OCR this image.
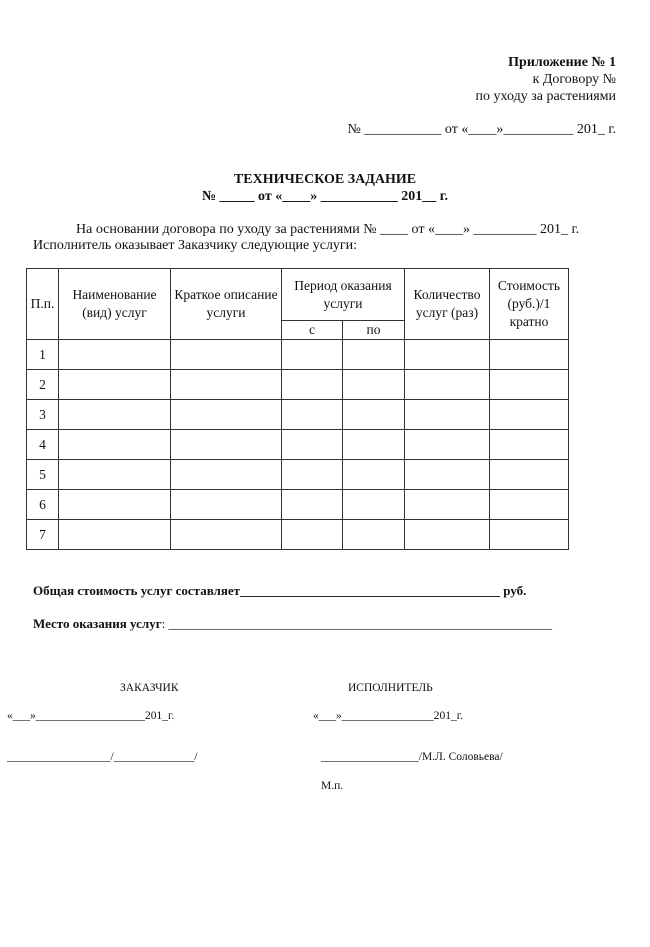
Приложение № 1
к Договору №
по уходу за растениями
№ ___________ от «____»__________ 201_ г.
ТЕХНИЧЕСКОЕ ЗАДАНИЕ
№ _____ от «____» ___________ 201__ г.
На основании договора по уходу за растениями № ____ от «____» _________ 201_ г.
Исполнитель оказывает Заказчику следующие услуги:
П.п.	Наименование (вид) услуг	Краткое описание услуги	Период оказания услуги		Количество услуг (раз)	Стоимость (руб.)/1 кратно
			с	по		
1						
2						
3						
4						
5						
6						
7						
Общая стоимость услуг составляет________________________________________ руб.
Место оказания услуг: ___________________________________________________________
ЗАКАЗЧИК
«___»___________________201_г.
__________________/______________/
ИСПОЛНИТЕЛЬ
«___»________________201_г.
_________________/М.Л. Соловьева/
М.п.
